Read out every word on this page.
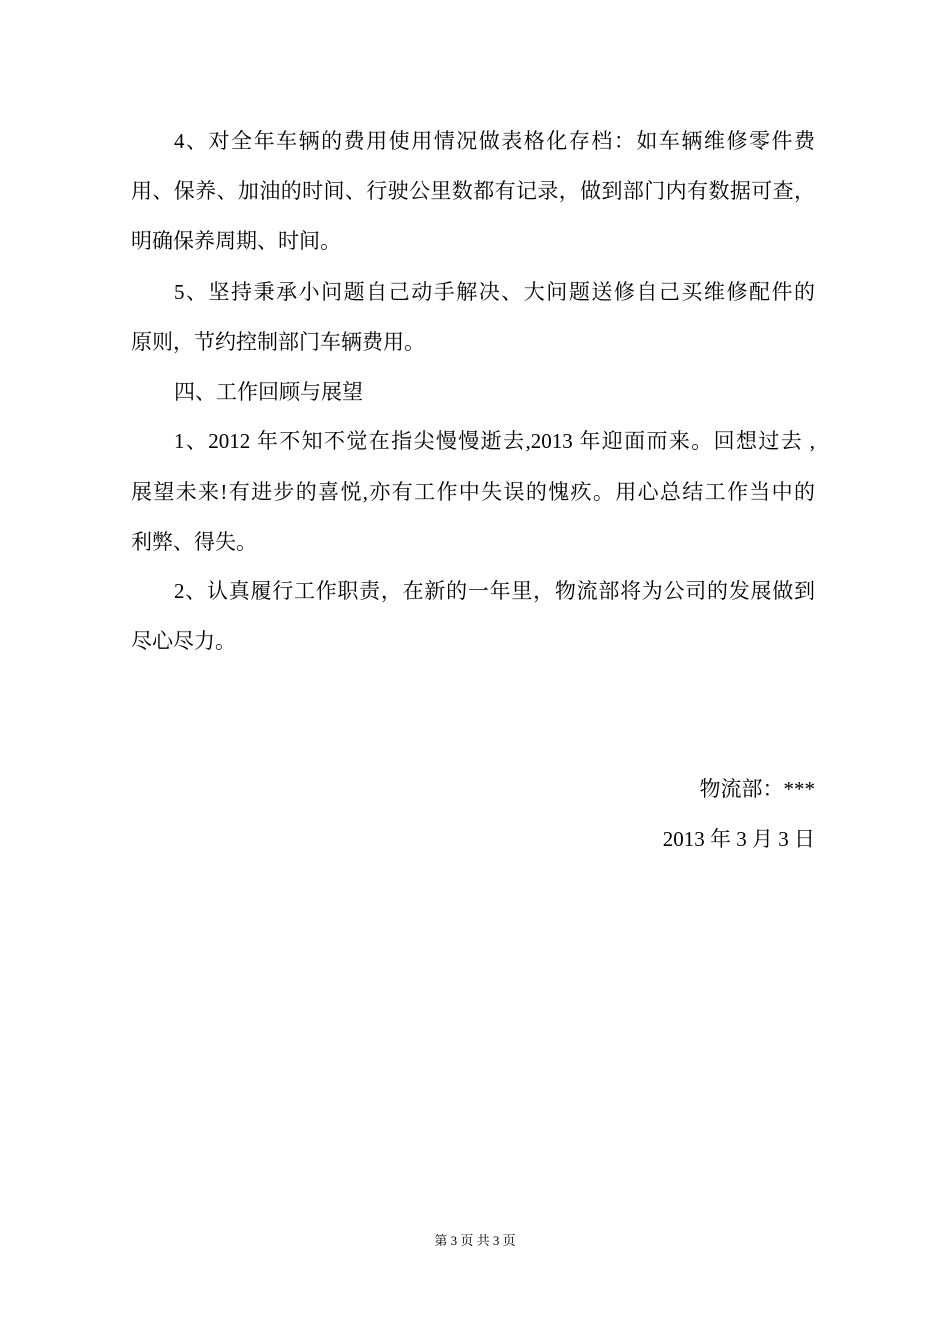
4、对全年车辆的费用使用情况做表格化存档：如车辆维修零件费
用、保养、加油的时间、行驶公里数都有记录，做到部门内有数据可查，
明确保养周期、时间。
5、坚持秉承小问题自己动手解决、大问题送修自己买维修配件的
原则，节约控制部门车辆费用。
四、工作回顾与展望
1、2012 年不知不觉在指尖慢慢逝去,2013 年迎面而来。回想过去 ,
展望未来!有进步的喜悦,亦有工作中失误的愧疚。用心总结工作当中的
利弊、得失。
2、认真履行工作职责，在新的一年里，物流部将为公司的发展做到
尽心尽力。
物流部：***
2013 年 3 月 3 日
第 3 页 共 3 页
